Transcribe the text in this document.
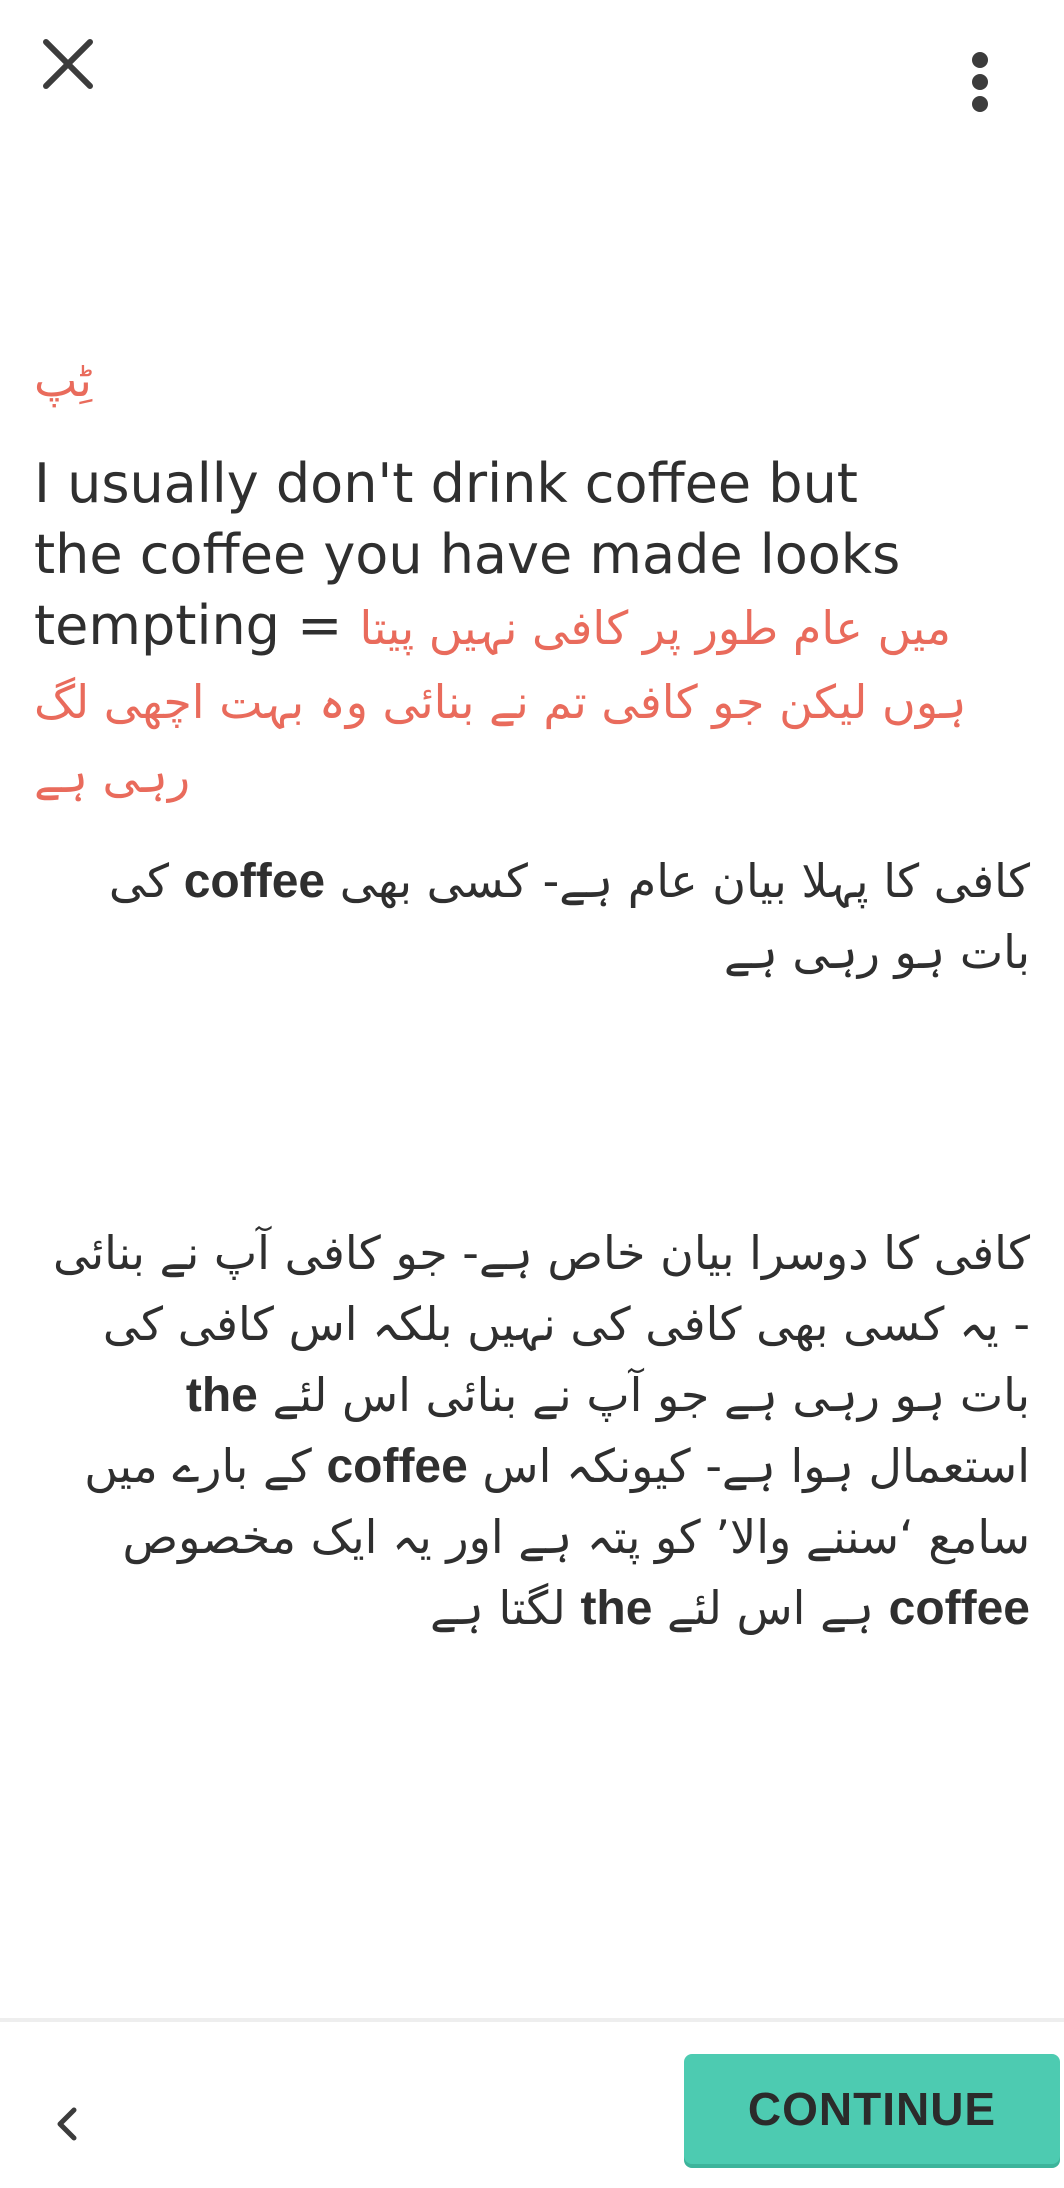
ٹِپ
I usually don't drink coffee but
the coffee you have made looks
tempting = میں عام طور پر کافی نہیں پیتا ہوں لیکن جو کافی تم نے بنائی وہ بہت اچھی لگ رہی ہے
کافی کا پہلا بیان عام ہے- کسی بھی coffee کی بات ہو رہی ہے
کافی کا دوسرا بیان خاص ہے- جو کافی آپ نے بنائی - یہ کسی بھی کافی کی نہیں بلکہ اس کافی کی بات ہو رہی ہے جو آپ نے بنائی اس لئے the استعمال ہوا ہے- کیونکہ اس coffee کے بارے میں سامع ‘سننے والا’ کو پتہ ہے اور یہ ایک مخصوص coffee ہے اس لئے the لگتا ہے
CONTINUE
